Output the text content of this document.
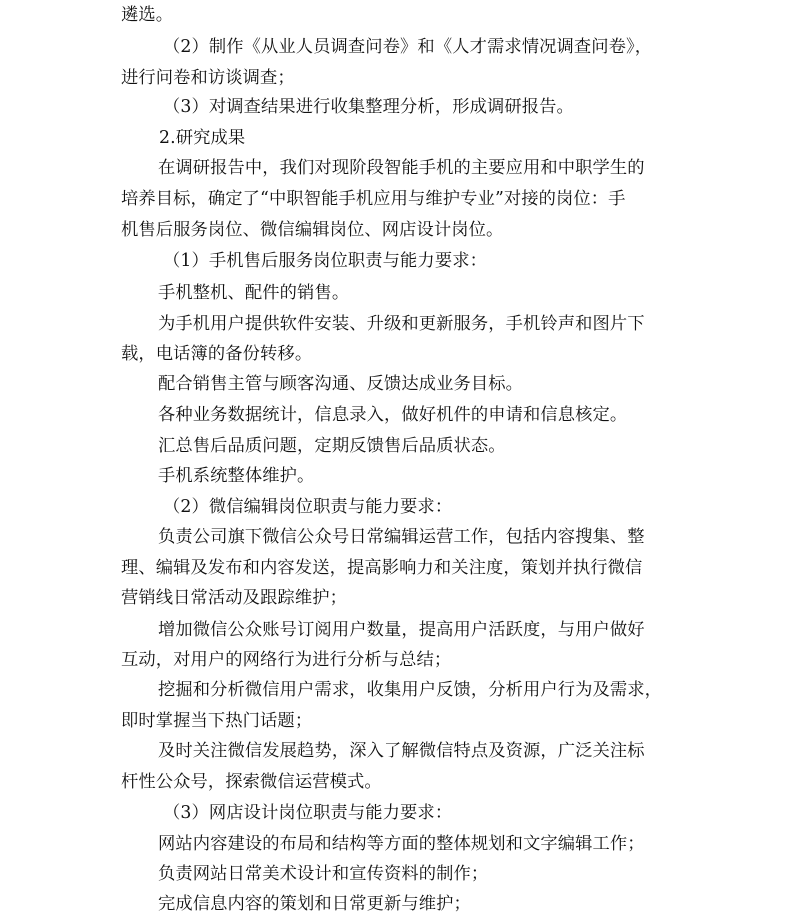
遴选。
（2）制作《从业人员调查问卷》和《人才需求情况调查问卷》，
进行问卷和访谈调查；
（3）对调查结果进行收集整理分析，形成调研报告。
2.研究成果
在调研报告中，我们对现阶段智能手机的主要应用和中职学生的
培养目标，确定了“中职智能手机应用与维护专业”对接的岗位：手
机售后服务岗位、微信编辑岗位、网店设计岗位。
（1）手机售后服务岗位职责与能力要求：
手机整机、配件的销售。
为手机用户提供软件安装、升级和更新服务，手机铃声和图片下
载，电话簿的备份转移。
配合销售主管与顾客沟通、反馈达成业务目标。
各种业务数据统计，信息录入，做好机件的申请和信息核定。
汇总售后品质问题，定期反馈售后品质状态。
手机系统整体维护。
（2）微信编辑岗位职责与能力要求：
负责公司旗下微信公众号日常编辑运营工作，包括内容搜集、整
理、编辑及发布和内容发送，提高影响力和关注度，策划并执行微信
营销线日常活动及跟踪维护；
增加微信公众账号订阅用户数量，提高用户活跃度，与用户做好
互动，对用户的网络行为进行分析与总结；
挖掘和分析微信用户需求，收集用户反馈，分析用户行为及需求，
即时掌握当下热门话题；
及时关注微信发展趋势，深入了解微信特点及资源，广泛关注标
杆性公众号，探索微信运营模式。
（3）网店设计岗位职责与能力要求：
网站内容建设的布局和结构等方面的整体规划和文字编辑工作；
负责网站日常美术设计和宣传资料的制作；
完成信息内容的策划和日常更新与维护；
